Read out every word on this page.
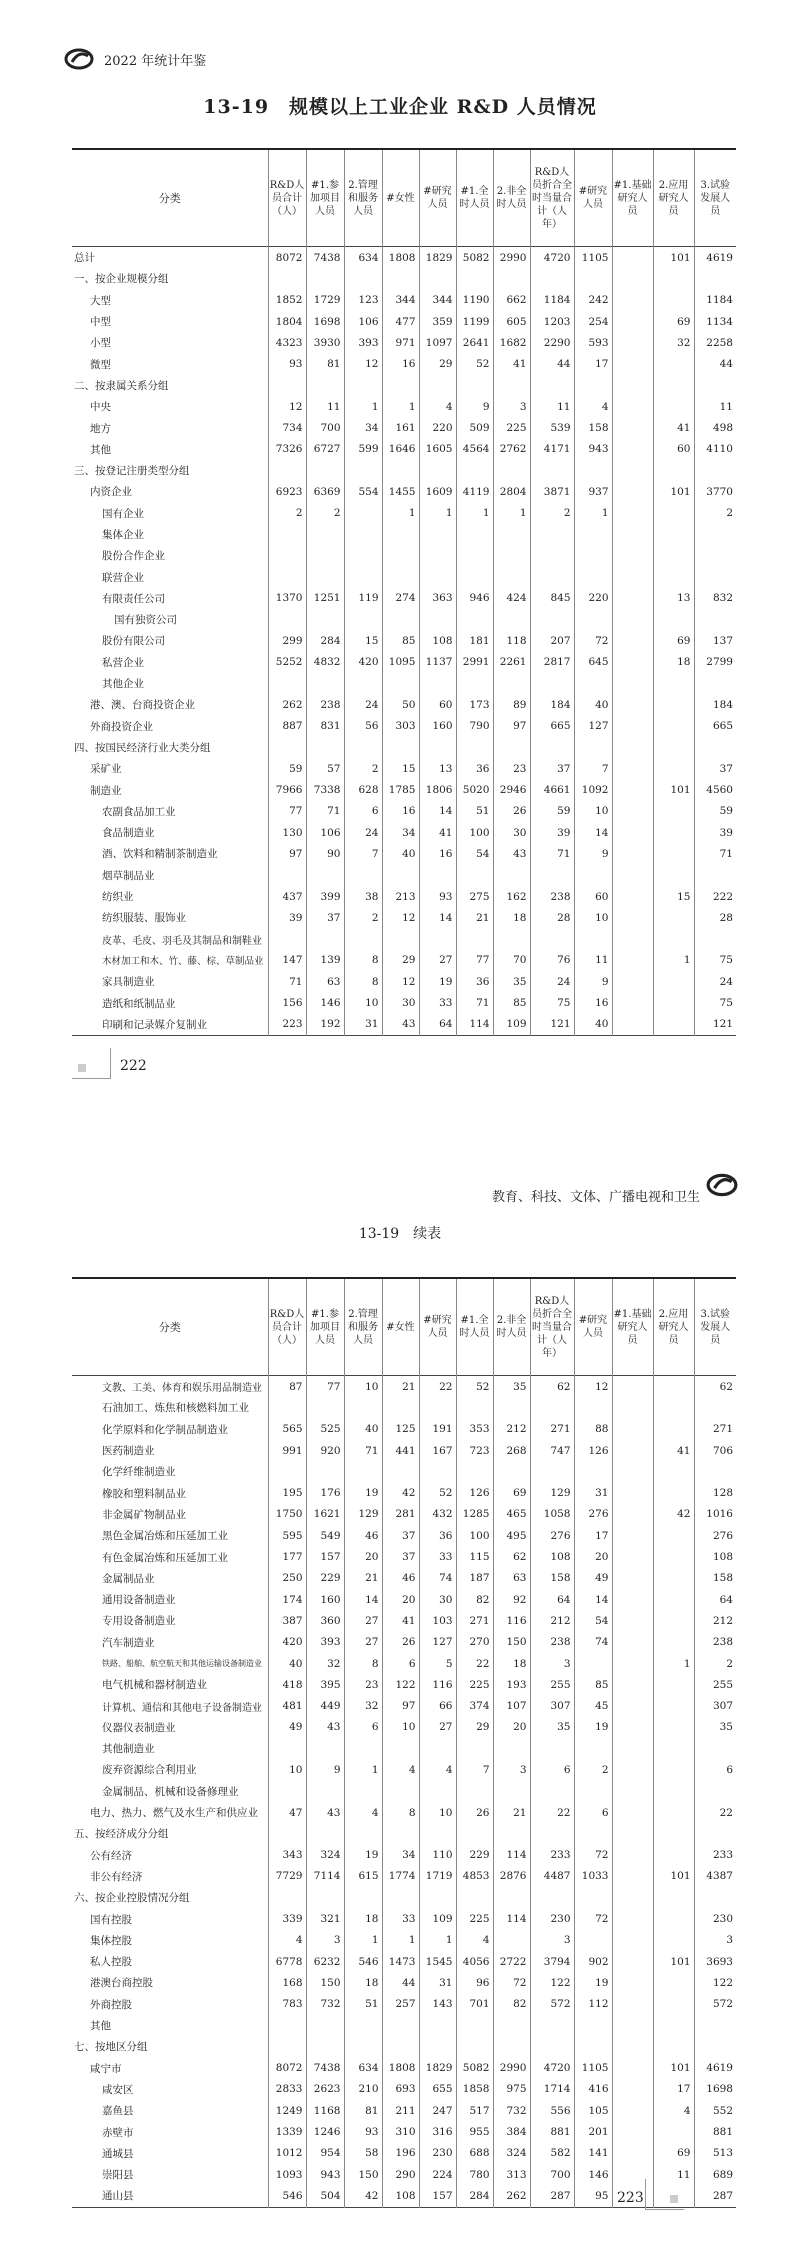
2022 年统计年鉴
13-19　规模以上工业企业 R&D 人员情况
分类	R&D人员合计（人）	#1.参加项目人员	2.管理和服务人员	#女性	#研究人员	#1.全时人员	2.非全时人员	R&D人员折合全时当量合计（人年）	#研究人员	#1.基础研究人员	2.应用研究人员	3.试验发展人员
总计	8072	7438	634	1808	1829	5082	2990	4720	1105		101	4619
一、按企业规模分组												
大型	1852	1729	123	344	344	1190	662	1184	242			1184
中型	1804	1698	106	477	359	1199	605	1203	254		69	1134
小型	4323	3930	393	971	1097	2641	1682	2290	593		32	2258
微型	93	81	12	16	29	52	41	44	17			44
二、按隶属关系分组												
中央	12	11	1	1	4	9	3	11	4			11
地方	734	700	34	161	220	509	225	539	158		41	498
其他	7326	6727	599	1646	1605	4564	2762	4171	943		60	4110
三、按登记注册类型分组												
内资企业	6923	6369	554	1455	1609	4119	2804	3871	937		101	3770
国有企业	2	2		1	1	1	1	2	1			2
集体企业												
股份合作企业												
联营企业												
有限责任公司	1370	1251	119	274	363	946	424	845	220		13	832
国有独资公司												
股份有限公司	299	284	15	85	108	181	118	207	72		69	137
私营企业	5252	4832	420	1095	1137	2991	2261	2817	645		18	2799
其他企业												
港、澳、台商投资企业	262	238	24	50	60	173	89	184	40			184
外商投资企业	887	831	56	303	160	790	97	665	127			665
四、按国民经济行业大类分组												
采矿业	59	57	2	15	13	36	23	37	7			37
制造业	7966	7338	628	1785	1806	5020	2946	4661	1092		101	4560
农副食品加工业	77	71	6	16	14	51	26	59	10			59
食品制造业	130	106	24	34	41	100	30	39	14			39
酒、饮料和精制茶制造业	97	90	7	40	16	54	43	71	9			71
烟草制品业												
纺织业	437	399	38	213	93	275	162	238	60		15	222
纺织服装、服饰业	39	37	2	12	14	21	18	28	10			28
皮革、毛皮、羽毛及其制品和制鞋业												
木材加工和木、竹、藤、棕、草制品业	147	139	8	29	27	77	70	76	11		1	75
家具制造业	71	63	8	12	19	36	35	24	9			24
造纸和纸制品业	156	146	10	30	33	71	85	75	16			75
印刷和记录媒介复制业	223	192	31	43	64	114	109	121	40			121
222
教育、科技、文体、广播电视和卫生
13-19　续表
分类	R&D人员合计（人）	#1.参加项目人员	2.管理和服务人员	#女性	#研究人员	#1.全时人员	2.非全时人员	R&D人员折合全时当量合计（人年）	#研究人员	#1.基础研究人员	2.应用研究人员	3.试验发展人员
文教、工美、体育和娱乐用品制造业	87	77	10	21	22	52	35	62	12			62
石油加工、炼焦和核燃料加工业												
化学原料和化学制品制造业	565	525	40	125	191	353	212	271	88			271
医药制造业	991	920	71	441	167	723	268	747	126		41	706
化学纤维制造业												
橡胶和塑料制品业	195	176	19	42	52	126	69	129	31			128
非金属矿物制品业	1750	1621	129	281	432	1285	465	1058	276		42	1016
黑色金属冶炼和压延加工业	595	549	46	37	36	100	495	276	17			276
有色金属冶炼和压延加工业	177	157	20	37	33	115	62	108	20			108
金属制品业	250	229	21	46	74	187	63	158	49			158
通用设备制造业	174	160	14	20	30	82	92	64	14			64
专用设备制造业	387	360	27	41	103	271	116	212	54			212
汽车制造业	420	393	27	26	127	270	150	238	74			238
铁路、船舶、航空航天和其他运输设备制造业	40	32	8	6	5	22	18	3			1	2
电气机械和器材制造业	418	395	23	122	116	225	193	255	85			255
计算机、通信和其他电子设备制造业	481	449	32	97	66	374	107	307	45			307
仪器仪表制造业	49	43	6	10	27	29	20	35	19			35
其他制造业												
废弃资源综合利用业	10	9	1	4	4	7	3	6	2			6
金属制品、机械和设备修理业												
电力、热力、燃气及水生产和供应业	47	43	4	8	10	26	21	22	6			22
五、按经济成分分组												
公有经济	343	324	19	34	110	229	114	233	72			233
非公有经济	7729	7114	615	1774	1719	4853	2876	4487	1033		101	4387
六、按企业控股情况分组												
国有控股	339	321	18	33	109	225	114	230	72			230
集体控股	4	3	1	1	1	4		3				3
私人控股	6778	6232	546	1473	1545	4056	2722	3794	902		101	3693
港澳台商控股	168	150	18	44	31	96	72	122	19			122
外商控股	783	732	51	257	143	701	82	572	112			572
其他												
七、按地区分组												
咸宁市	8072	7438	634	1808	1829	5082	2990	4720	1105		101	4619
咸安区	2833	2623	210	693	655	1858	975	1714	416		17	1698
嘉鱼县	1249	1168	81	211	247	517	732	556	105		4	552
赤壁市	1339	1246	93	310	316	955	384	881	201			881
通城县	1012	954	58	196	230	688	324	582	141		69	513
崇阳县	1093	943	150	290	224	780	313	700	146		11	689
通山县	546	504	42	108	157	284	262	287	95			287
223
